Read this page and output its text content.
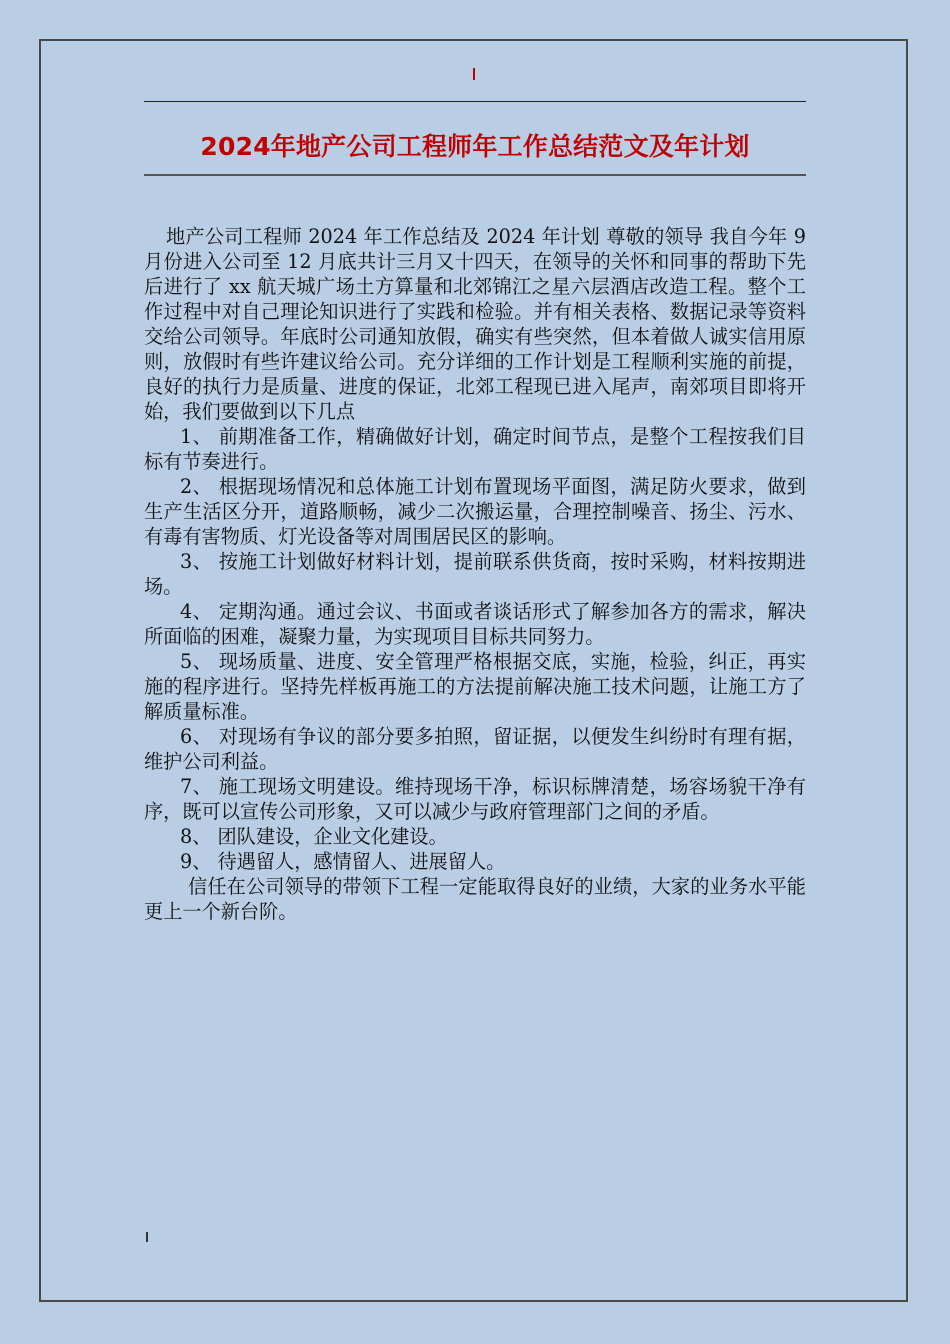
2024年地产公司工程师年工作总结范文及年计划

地产公司工程师 2024 年工作总结及 2024 年计划 尊敬的领导 我自今年 9 月份进入公司至 12 月底共计三月又十四天，在领导的关怀和同事的帮助下先后进行了 xx 航天城广场土方算量和北郊锦江之星六层酒店改造工程。整个工作过程中对自己理论知识进行了实践和检验。并有相关表格、数据记录等资料交给公司领导。年底时公司通知放假，确实有些突然，但本着做人诚实信用原则，放假时有些许建议给公司。充分详细的工作计划是工程顺利实施的前提，良好的执行力是质量、进度的保证，北郊工程现已进入尾声，南郊项目即将开始，我们要做到以下几点

1、 前期准备工作，精确做好计划，确定时间节点，是整个工程按我们目标有节奏进行。

2、 根据现场情况和总体施工计划布置现场平面图，满足防火要求，做到生产生活区分开，道路顺畅，减少二次搬运量，合理控制噪音、扬尘、污水、有毒有害物质、灯光设备等对周围居民区的影响。

3、 按施工计划做好材料计划，提前联系供货商，按时采购，材料按期进场。

4、 定期沟通。通过会议、书面或者谈话形式了解参加各方的需求，解决所面临的困难，凝聚力量，为实现项目目标共同努力。

5、 现场质量、进度、安全管理严格根据交底，实施，检验，纠正，再实施的程序进行。坚持先样板再施工的方法提前解决施工技术问题，让施工方了解质量标准。

6、 对现场有争议的部分要多拍照，留证据，以便发生纠纷时有理有据，维护公司利益。

7、 施工现场文明建设。维持现场干净，标识标牌清楚，场容场貌干净有序，既可以宣传公司形象，又可以减少与政府管理部门之间的矛盾。

8、 团队建设，企业文化建设。

9、 待遇留人，感情留人、进展留人。

信任在公司领导的带领下工程一定能取得良好的业绩，大家的业务水平能更上一个新台阶。
